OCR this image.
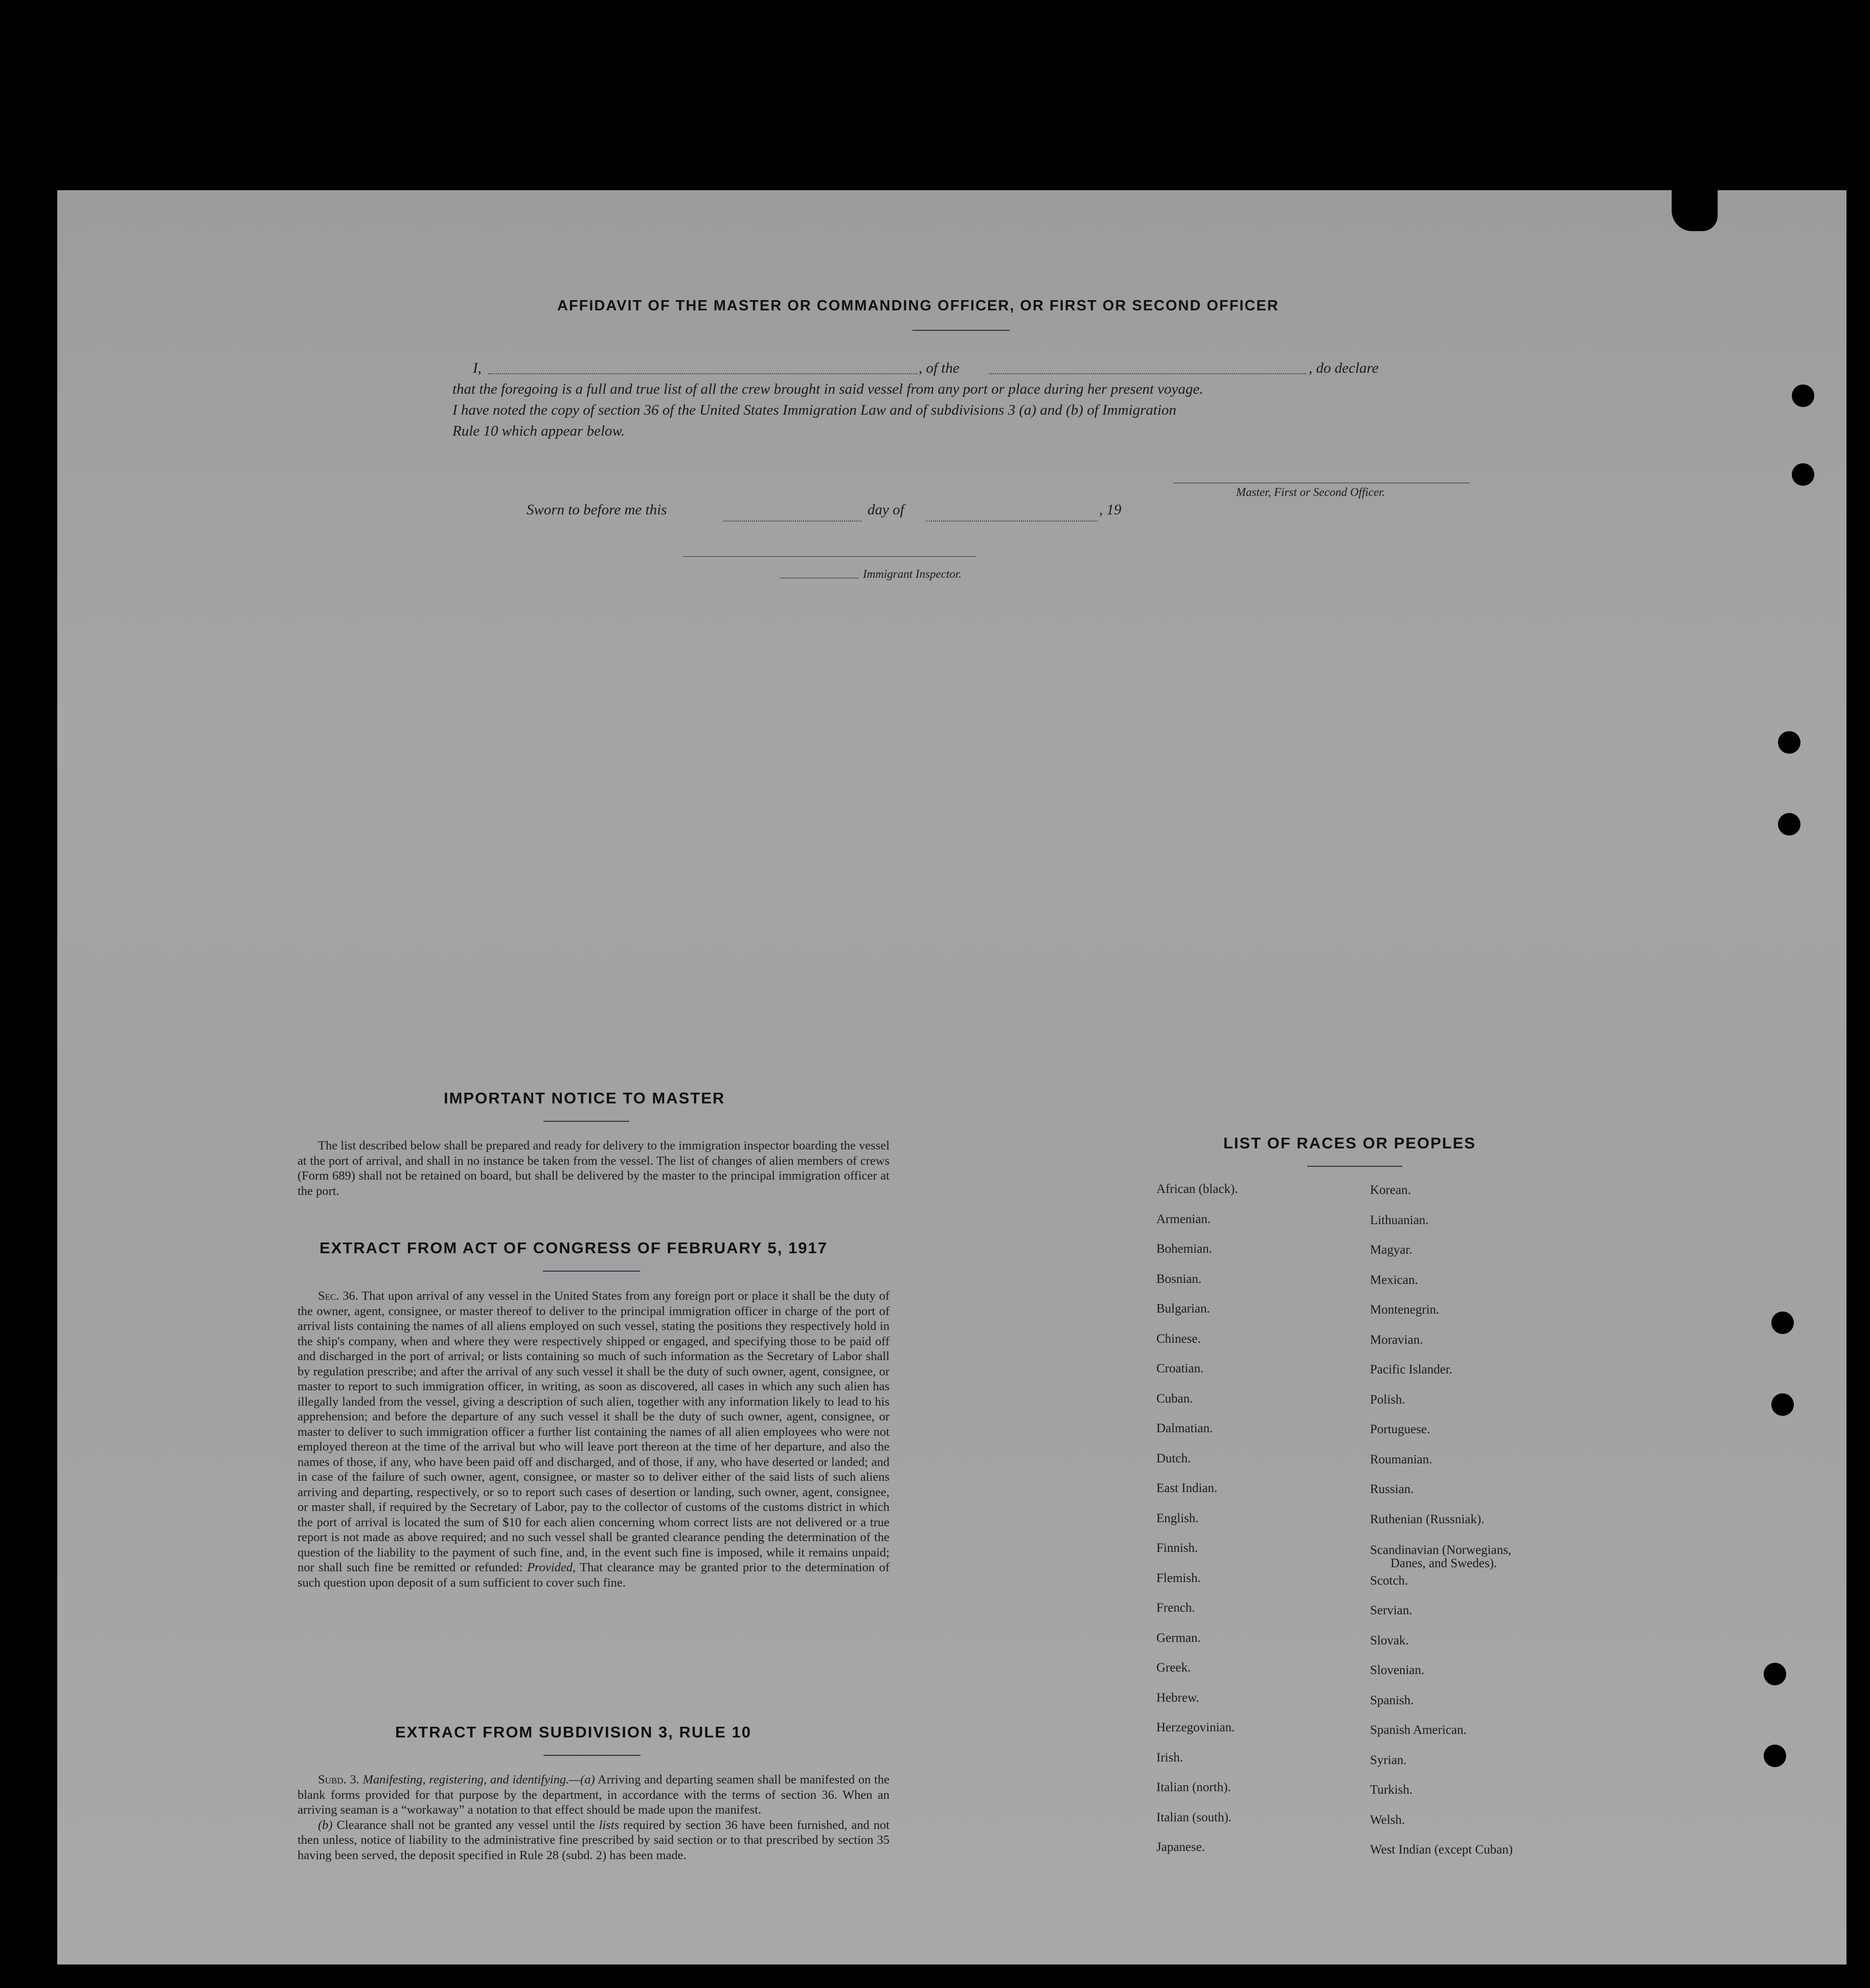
AFFIDAVIT OF THE MASTER OR COMMANDING OFFICER, OR FIRST OR SECOND OFFICER
I,	, of the	, do declare
that the foregoing is a full and true list of all the crew brought in said vessel from any port or place during her present voyage.
I have noted the copy of section 36 of the United States Immigration Law and of subdivisions 3 (a) and (b) of Immigration
Rule 10 which appear below.
Master, First or Second Officer.
Sworn to before me this	day of	, 19
Immigrant Inspector.
IMPORTANT NOTICE TO MASTER

The list described below shall be prepared and ready for delivery to the immigration inspector boarding the vessel at the port of arrival, and shall in no instance be taken from the vessel. The list of changes of alien members of crews (Form 689) shall not be retained on board, but shall be delivered by the master to the principal immigration officer at the port.

EXTRACT FROM ACT OF CONGRESS OF FEBRUARY 5, 1917

Sec. 36. That upon arrival of any vessel in the United States from any foreign port or place it shall be the duty of the owner, agent, consignee, or master thereof to deliver to the principal immigration officer in charge of the port of arrival lists containing the names of all aliens employed on such vessel, stating the positions they respectively hold in the ship's company, when and where they were respectively shipped or engaged, and specifying those to be paid off and discharged in the port of arrival; or lists containing so much of such information as the Secretary of Labor shall by regulation prescribe; and after the arrival of any such vessel it shall be the duty of such owner, agent, consignee, or master to report to such immigration officer, in writing, as soon as discovered, all cases in which any such alien has illegally landed from the vessel, giving a description of such alien, together with any information likely to lead to his apprehension; and before the departure of any such vessel it shall be the duty of such owner, agent, consignee, or master to deliver to such immigration officer a further list containing the names of all alien employees who were not employed thereon at the time of the arrival but who will leave port thereon at the time of her departure, and also the names of those, if any, who have been paid off and discharged, and of those, if any, who have deserted or landed; and in case of the failure of such owner, agent, consignee, or master so to deliver either of the said lists of such aliens arriving and departing, respectively, or so to report such cases of desertion or landing, such owner, agent, consignee, or master shall, if required by the Secretary of Labor, pay to the collector of customs of the customs district in which the port of arrival is located the sum of $10 for each alien concerning whom correct lists are not delivered or a true report is not made as above required; and no such vessel shall be granted clearance pending the determination of the question of the liability to the payment of such fine, and, in the event such fine is imposed, while it remains unpaid; nor shall such fine be remitted or refunded: Provided, That clearance may be granted prior to the determination of such question upon deposit of a sum sufficient to cover such fine.

EXTRACT FROM SUBDIVISION 3, RULE 10

Subd. 3. Manifesting, registering, and identifying.—(a) Arriving and departing seamen shall be manifested on the blank forms provided for that purpose by the department, in accordance with the terms of section 36. When an arriving seaman is a “workaway” a notation to that effect should be made upon the manifest.

(b) Clearance shall not be granted any vessel until the lists required by section 36 have been furnished, and not then unless, notice of liability to the administrative fine prescribed by said section or to that prescribed by section 35 having been served, the deposit specified in Rule 28 (subd. 2) has been made.

LIST OF RACES OR PEOPLES
African (black).
Armenian.
Bohemian.
Bosnian.
Bulgarian.
Chinese.
Croatian.
Cuban.
Dalmatian.
Dutch.
East Indian.
English.
Finnish.
Flemish.
French.
German.
Greek.
Hebrew.
Herzegovinian.
Irish.
Italian (north).
Italian (south).
Japanese.
Korean.
Lithuanian.
Magyar.
Mexican.
Montenegrin.
Moravian.
Pacific Islander.
Polish.
Portuguese.
Roumanian.
Russian.
Ruthenian (Russniak).
Scandinavian (Norwegians,
Danes, and Swedes).
Scotch.
Servian.
Slovak.
Slovenian.
Spanish.
Spanish American.
Syrian.
Turkish.
Welsh.
West Indian (except Cuban)
